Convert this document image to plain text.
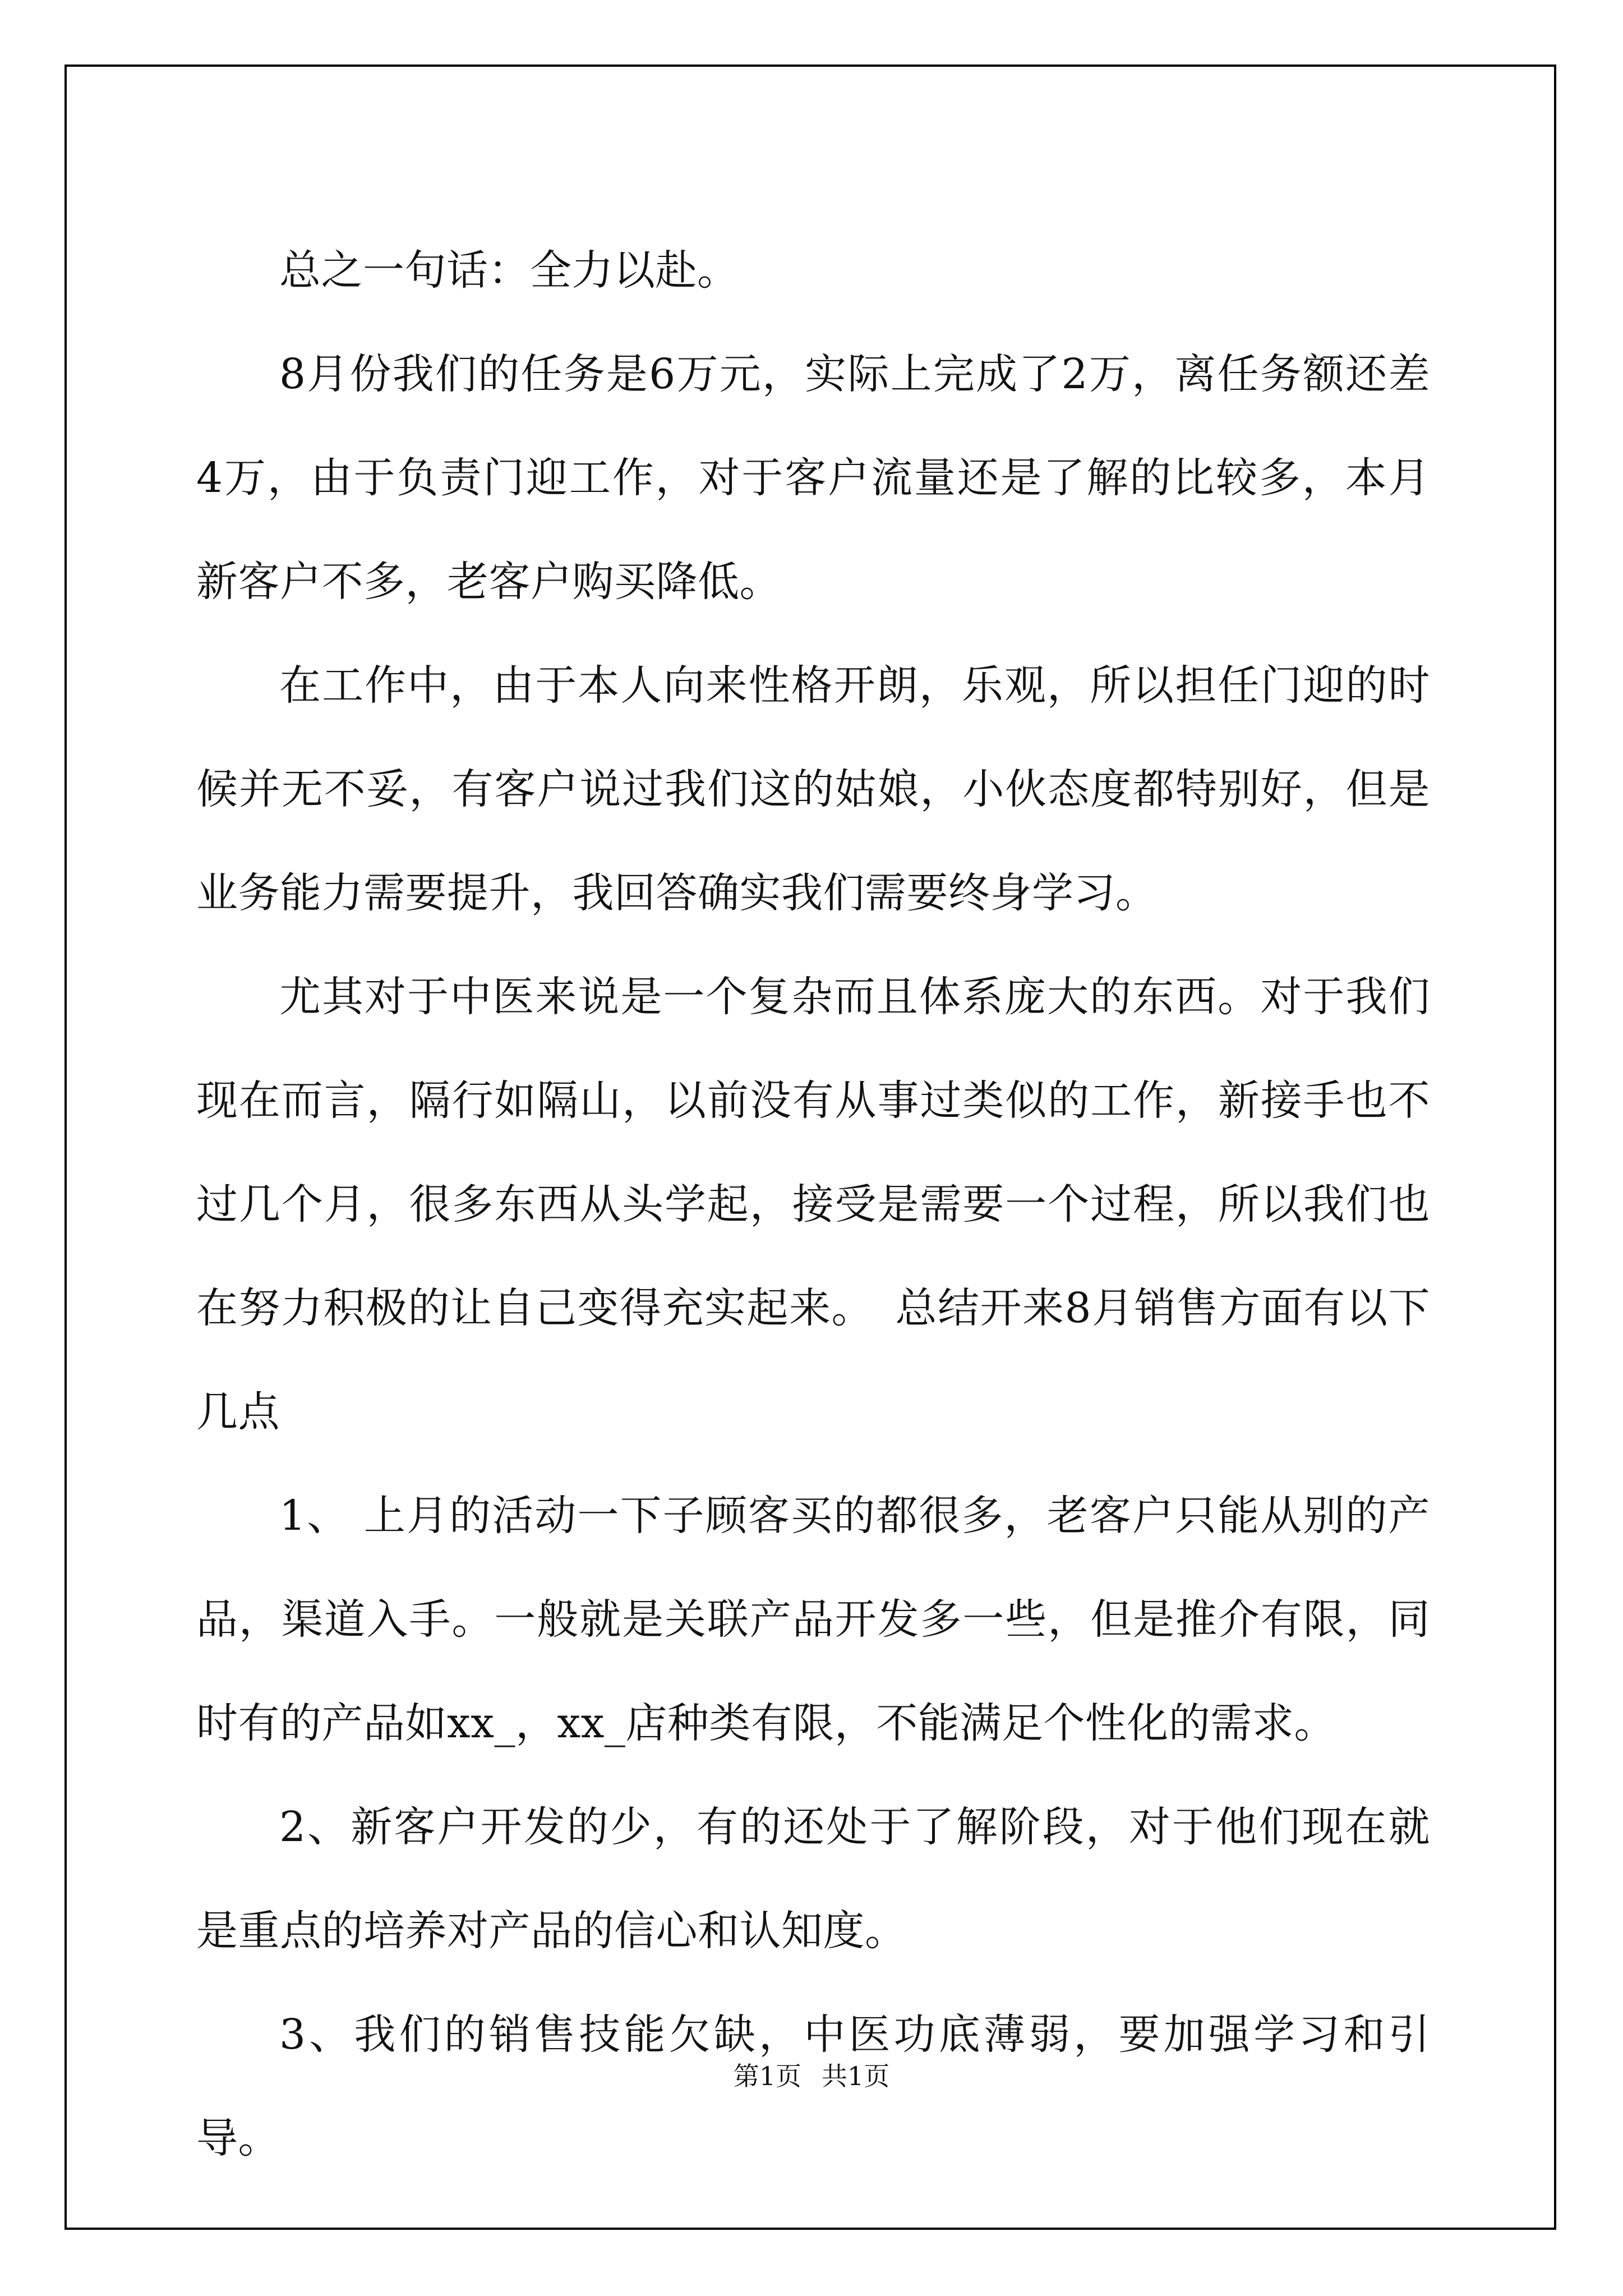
总之一句话：全力以赴。

8月份我们的任务是6万元，实际上完成了2万，离任务额还差4万，由于负责门迎工作，对于客户流量还是了解的比较多，本月新客户不多，老客户购买降低。

在工作中，由于本人向来性格开朗，乐观，所以担任门迎的时候并无不妥，有客户说过我们这的姑娘，小伙态度都特别好，但是业务能力需要提升，我回答确实我们需要终身学习。

尤其对于中医来说是一个复杂而且体系庞大的东西。对于我们现在而言，隔行如隔山，以前没有从事过类似的工作，新接手也不过几个月，很多东西从头学起，接受是需要一个过程，所以我们也在努力积极的让自己变得充实起来。　总结开来8月销售方面有以下几点

1、 上月的活动一下子顾客买的都很多，老客户只能从别的产品，渠道入手。一般就是关联产品开发多一些，但是推介有限，同时有的产品如xx_，xx_店种类有限，不能满足个性化的需求。

2、新客户开发的少，有的还处于了解阶段，对于他们现在就是重点的培养对产品的信心和认知度。

3、我们的销售技能欠缺，中医功底薄弱，要加强学习和引导。

第1页 共1页
